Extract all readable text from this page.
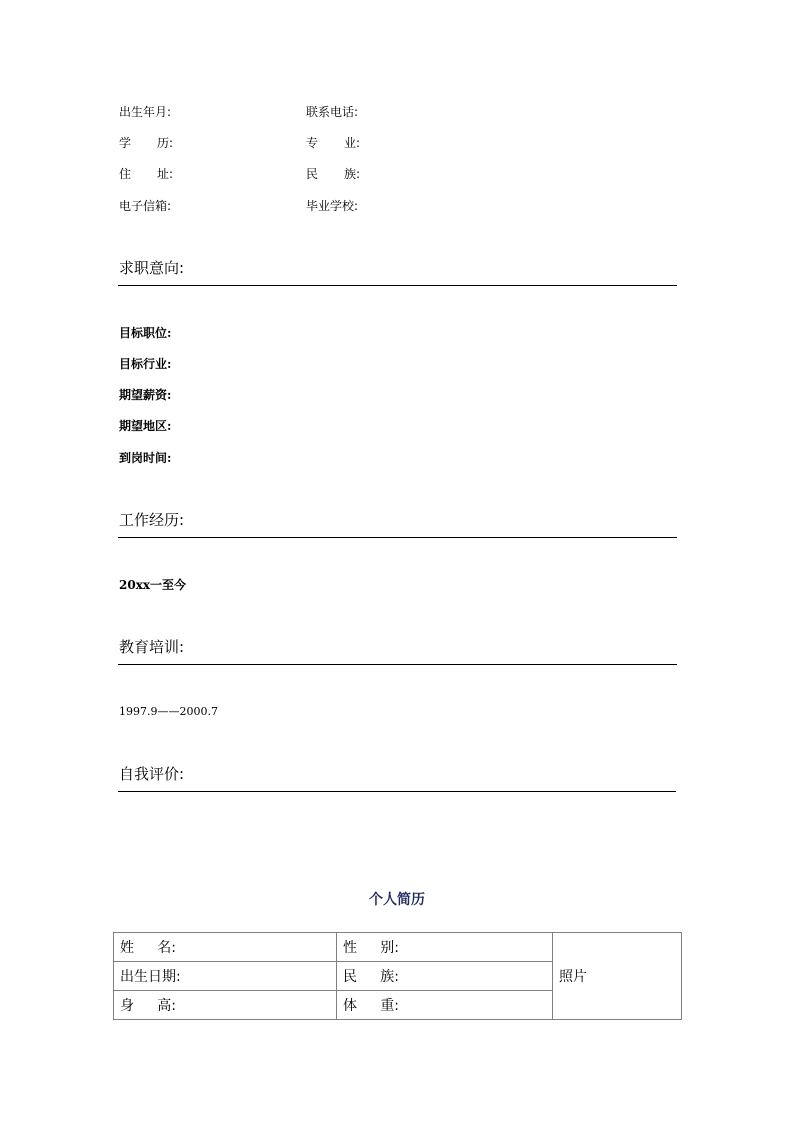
出生年月:	联系电话:
学 历:	专 业:
住 址:	民 族:
电子信箱:	毕业学校:
求职意向:
目标职位:
目标行业:
期望薪资:
期望地区:
到岗时间:
工作经历:
20xx一至今
教育培训:
1997.9——2000.7
自我评价:
个人简历
姓 名:	性 别:	照片
出生日期:	民 族:	

身 高:	体 重:	
